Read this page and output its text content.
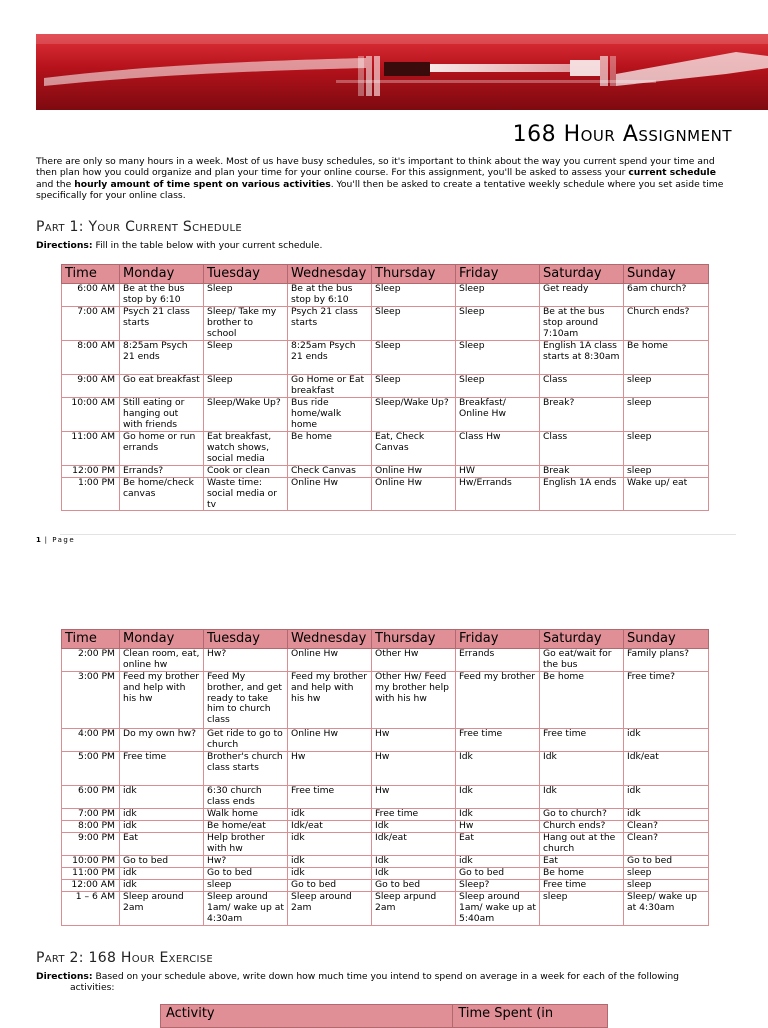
168 Hour Assignment
There are only so many hours in a week. Most of us have busy schedules, so it's important to think about the way you current spend your time and then plan how you could organize and plan your time for your online course. For this assignment, you'll be asked to assess your current schedule and the hourly amount of time spent on various activities. You'll then be asked to create a tentative weekly schedule where you set aside time specifically for your online class.
Part 1: Your Current Schedule
Directions: Fill in the table below with your current schedule.
Time	Monday	Tuesday	Wednesday	Thursday	Friday	Saturday	Sunday
6:00 AM	Be at the bus stop by 6:10	Sleep	Be at the bus stop by 6:10	Sleep	Sleep	Get ready	6am church?
7:00 AM	Psych 21 class starts	Sleep/ Take my brother to school	Psych 21 class starts	Sleep	Sleep	Be at the bus stop around 7:10am	Church ends?
8:00 AM	8:25am Psych 21 ends	Sleep	8:25am Psych 21 ends	Sleep	Sleep	English 1A class starts at 8:30am	Be home
9:00 AM	Go eat breakfast	Sleep	Go Home or Eat breakfast	Sleep	Sleep	Class	sleep
10:00 AM	Still eating or hanging out with friends	Sleep/Wake Up?	Bus ride home/walk home	Sleep/Wake Up?	Breakfast/ Online Hw	Break?	sleep
11:00 AM	Go home or run errands	Eat breakfast, watch shows, social media	Be home	Eat, Check Canvas	Class Hw	Class	sleep
12:00 PM	Errands?	Cook or clean	Check Canvas	Online Hw	HW	Break	sleep
1:00 PM	Be home/check canvas	Waste time: social media or tv	Online Hw	Online Hw	Hw/Errands	English 1A ends	Wake up/ eat
1 | Page
Time	Monday	Tuesday	Wednesday	Thursday	Friday	Saturday	Sunday
2:00 PM	Clean room, eat, online hw	Hw?	Online Hw	Other Hw	Errands	Go eat/wait for the bus	Family plans?
3:00 PM	Feed my brother and help with his hw	Feed My brother, and get ready to take him to church class	Feed my brother and help with his hw	Other Hw/ Feed my brother help with his hw	Feed my brother	Be home	Free time?
4:00 PM	Do my own hw?	Get ride to go to church	Online Hw	Hw	Free time	Free time	idk
5:00 PM	Free time	Brother's church class starts	Hw	Hw	Idk	Idk	Idk/eat
6:00 PM	idk	6:30 church class ends	Free time	Hw	Idk	Idk	idk
7:00 PM	idk	Walk home	idk	Free time	Idk	Go to church?	idk
8:00 PM	idk	Be home/eat	Idk/eat	Idk	Hw	Church ends?	Clean?
9:00 PM	Eat	Help brother with hw	idk	Idk/eat	Eat	Hang out at the church	Clean?
10:00 PM	Go to bed	Hw?	idk	Idk	idk	Eat	Go to bed
11:00 PM	idk	Go to bed	idk	Idk	Go to bed	Be home	sleep
12:00 AM	idk	sleep	Go to bed	Go to bed	Sleep?	Free time	sleep
1 – 6 AM	Sleep around 2am	Sleep around 1am/ wake up at 4:30am	Sleep around 2am	Sleep arpund 2am	Sleep around 1am/ wake up at 5:40am	sleep	Sleep/ wake up at 4:30am
Part 2: 168 Hour Exercise
Directions: Based on your schedule above, write down how much time you intend to spend on average in a week for each of the following
activities:
Activity	Time Spent (in
